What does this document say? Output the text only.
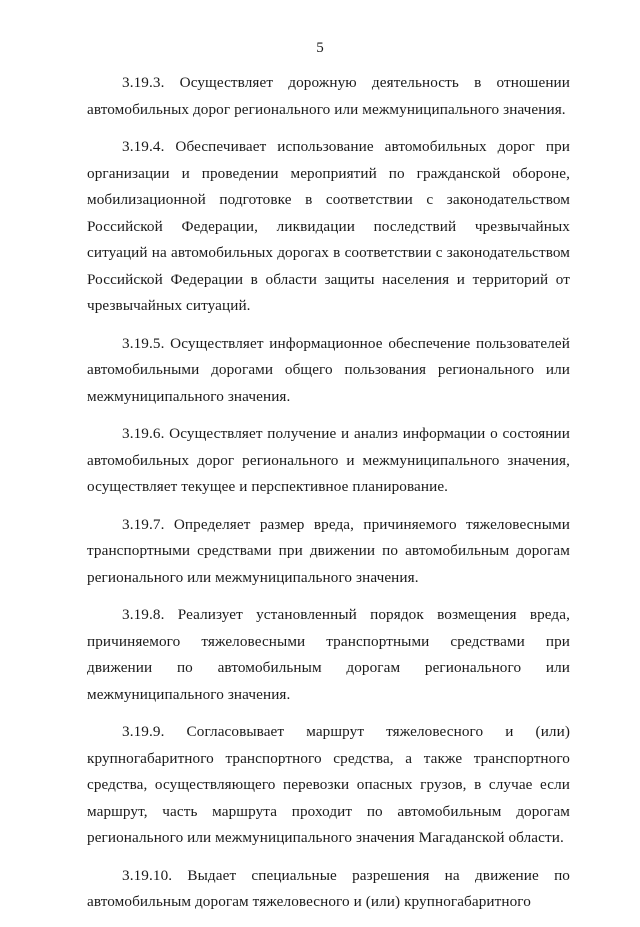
5

3.19.3. Осуществляет дорожную деятельность в отношении автомобильных дорог регионального или межмуниципального значения.

3.19.4. Обеспечивает использование автомобильных дорог при организации и проведении мероприятий по гражданской обороне, мобилизационной подготовке в соответствии с законодательством Российской Федерации, ликвидации последствий чрезвычайных ситуаций на автомобильных дорогах в соответствии с законодательством Российской Федерации в области защиты населения и территорий от чрезвычайных ситуаций.

3.19.5. Осуществляет информационное обеспечение пользователей автомобильными дорогами общего пользования регионального или межмуниципального значения.

3.19.6. Осуществляет получение и анализ информации о состоянии автомобильных дорог регионального и межмуниципального значения, осуществляет текущее и перспективное планирование.

3.19.7. Определяет размер вреда, причиняемого тяжеловесными транспортными средствами при движении по автомобильным дорогам регионального или межмуниципального значения.

3.19.8. Реализует установленный порядок возмещения вреда, причиняемого тяжеловесными транспортными средствами при движении по автомобильным дорогам регионального или межмуниципального значения.

3.19.9. Согласовывает маршрут тяжеловесного и (или) крупногабаритного транспортного средства, а также транспортного средства, осуществляющего перевозки опасных грузов, в случае если маршрут, часть маршрута проходит по автомобильным дорогам регионального или межмуниципального значения Магаданской области.

3.19.10. Выдает специальные разрешения на движение по автомобильным дорогам тяжеловесного и (или) крупногабаритного
